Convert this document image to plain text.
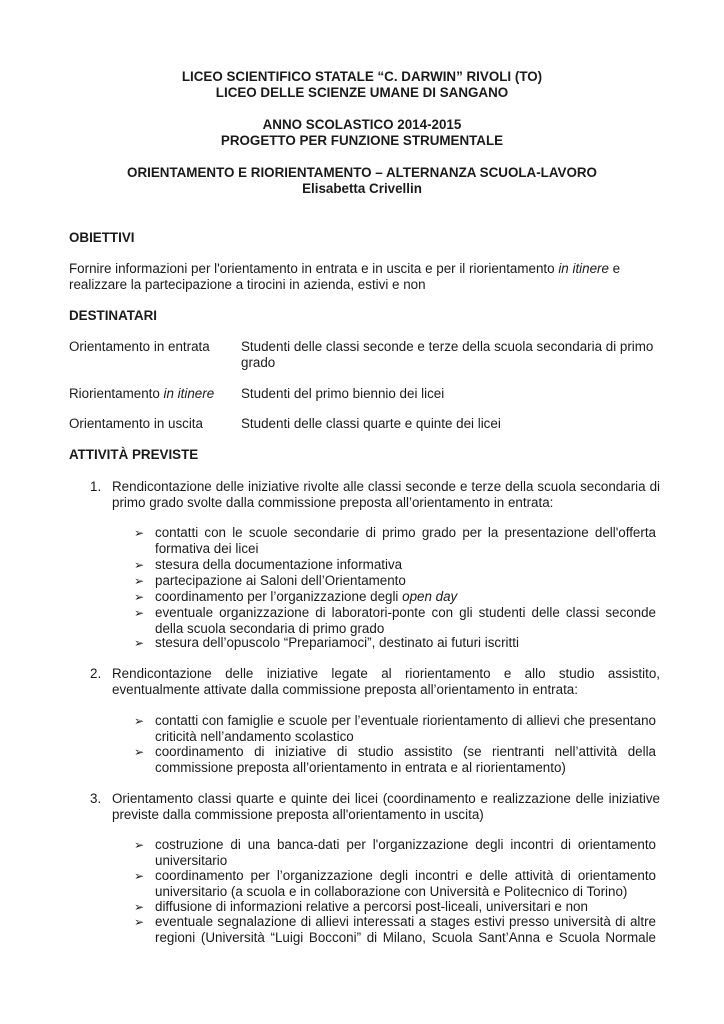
LICEO SCIENTIFICO STATALE “C. DARWIN” RIVOLI (TO)
LICEO DELLE SCIENZE UMANE DI SANGANO
ANNO SCOLASTICO 2014-2015
PROGETTO PER FUNZIONE STRUMENTALE
ORIENTAMENTO E RIORIENTAMENTO – ALTERNANZA SCUOLA-LAVORO
Elisabetta Crivellin
OBIETTIVI
Fornire informazioni per l'orientamento in entrata e in uscita e per il riorientamento in itinere e realizzare la partecipazione a tirocini in azienda, estivi e non
DESTINATARI
Orientamento in entrata	Studenti delle classi seconde e terze della scuola secondaria di primo grado
Riorientamento in itinere	Studenti del primo biennio dei licei
Orientamento in uscita	Studenti delle classi quarte e quinte dei licei
ATTIVITÀ PREVISTE
1. Rendicontazione delle iniziative rivolte alle classi seconde e terze della scuola secondaria di primo grado svolte dalla commissione preposta all’orientamento in entrata:
➢ contatti con le scuole secondarie di primo grado per la presentazione dell'offerta formativa dei licei
➢ stesura della documentazione informativa
➢ partecipazione ai Saloni dell’Orientamento
➢ coordinamento per l’organizzazione degli open day
➢ eventuale organizzazione di laboratori-ponte con gli studenti delle classi seconde della scuola secondaria di primo grado
➢ stesura dell’opuscolo “Prepariamoci”, destinato ai futuri iscritti
2. Rendicontazione delle iniziative legate al riorientamento e allo studio assistito, eventualmente attivate dalla commissione preposta all’orientamento in entrata:
➢ contatti con famiglie e scuole per l’eventuale riorientamento di allievi che presentano criticità nell’andamento scolastico
➢ coordinamento di iniziative di studio assistito (se rientranti nell’attività della commissione preposta all’orientamento in entrata e al riorientamento)
3. Orientamento classi quarte e quinte dei licei (coordinamento e realizzazione delle iniziative previste dalla commissione preposta all'orientamento in uscita)
➢ costruzione di una banca-dati per l'organizzazione degli incontri di orientamento universitario
➢ coordinamento per l’organizzazione degli incontri e delle attività di orientamento universitario (a scuola e in collaborazione con Università e Politecnico di Torino)
➢ diffusione di informazioni relative a percorsi post-liceali, universitari e non
➢ eventuale segnalazione di allievi interessati a stages estivi presso università di altre regioni (Università “Luigi Bocconi” di Milano, Scuola Sant’Anna e Scuola Normale
